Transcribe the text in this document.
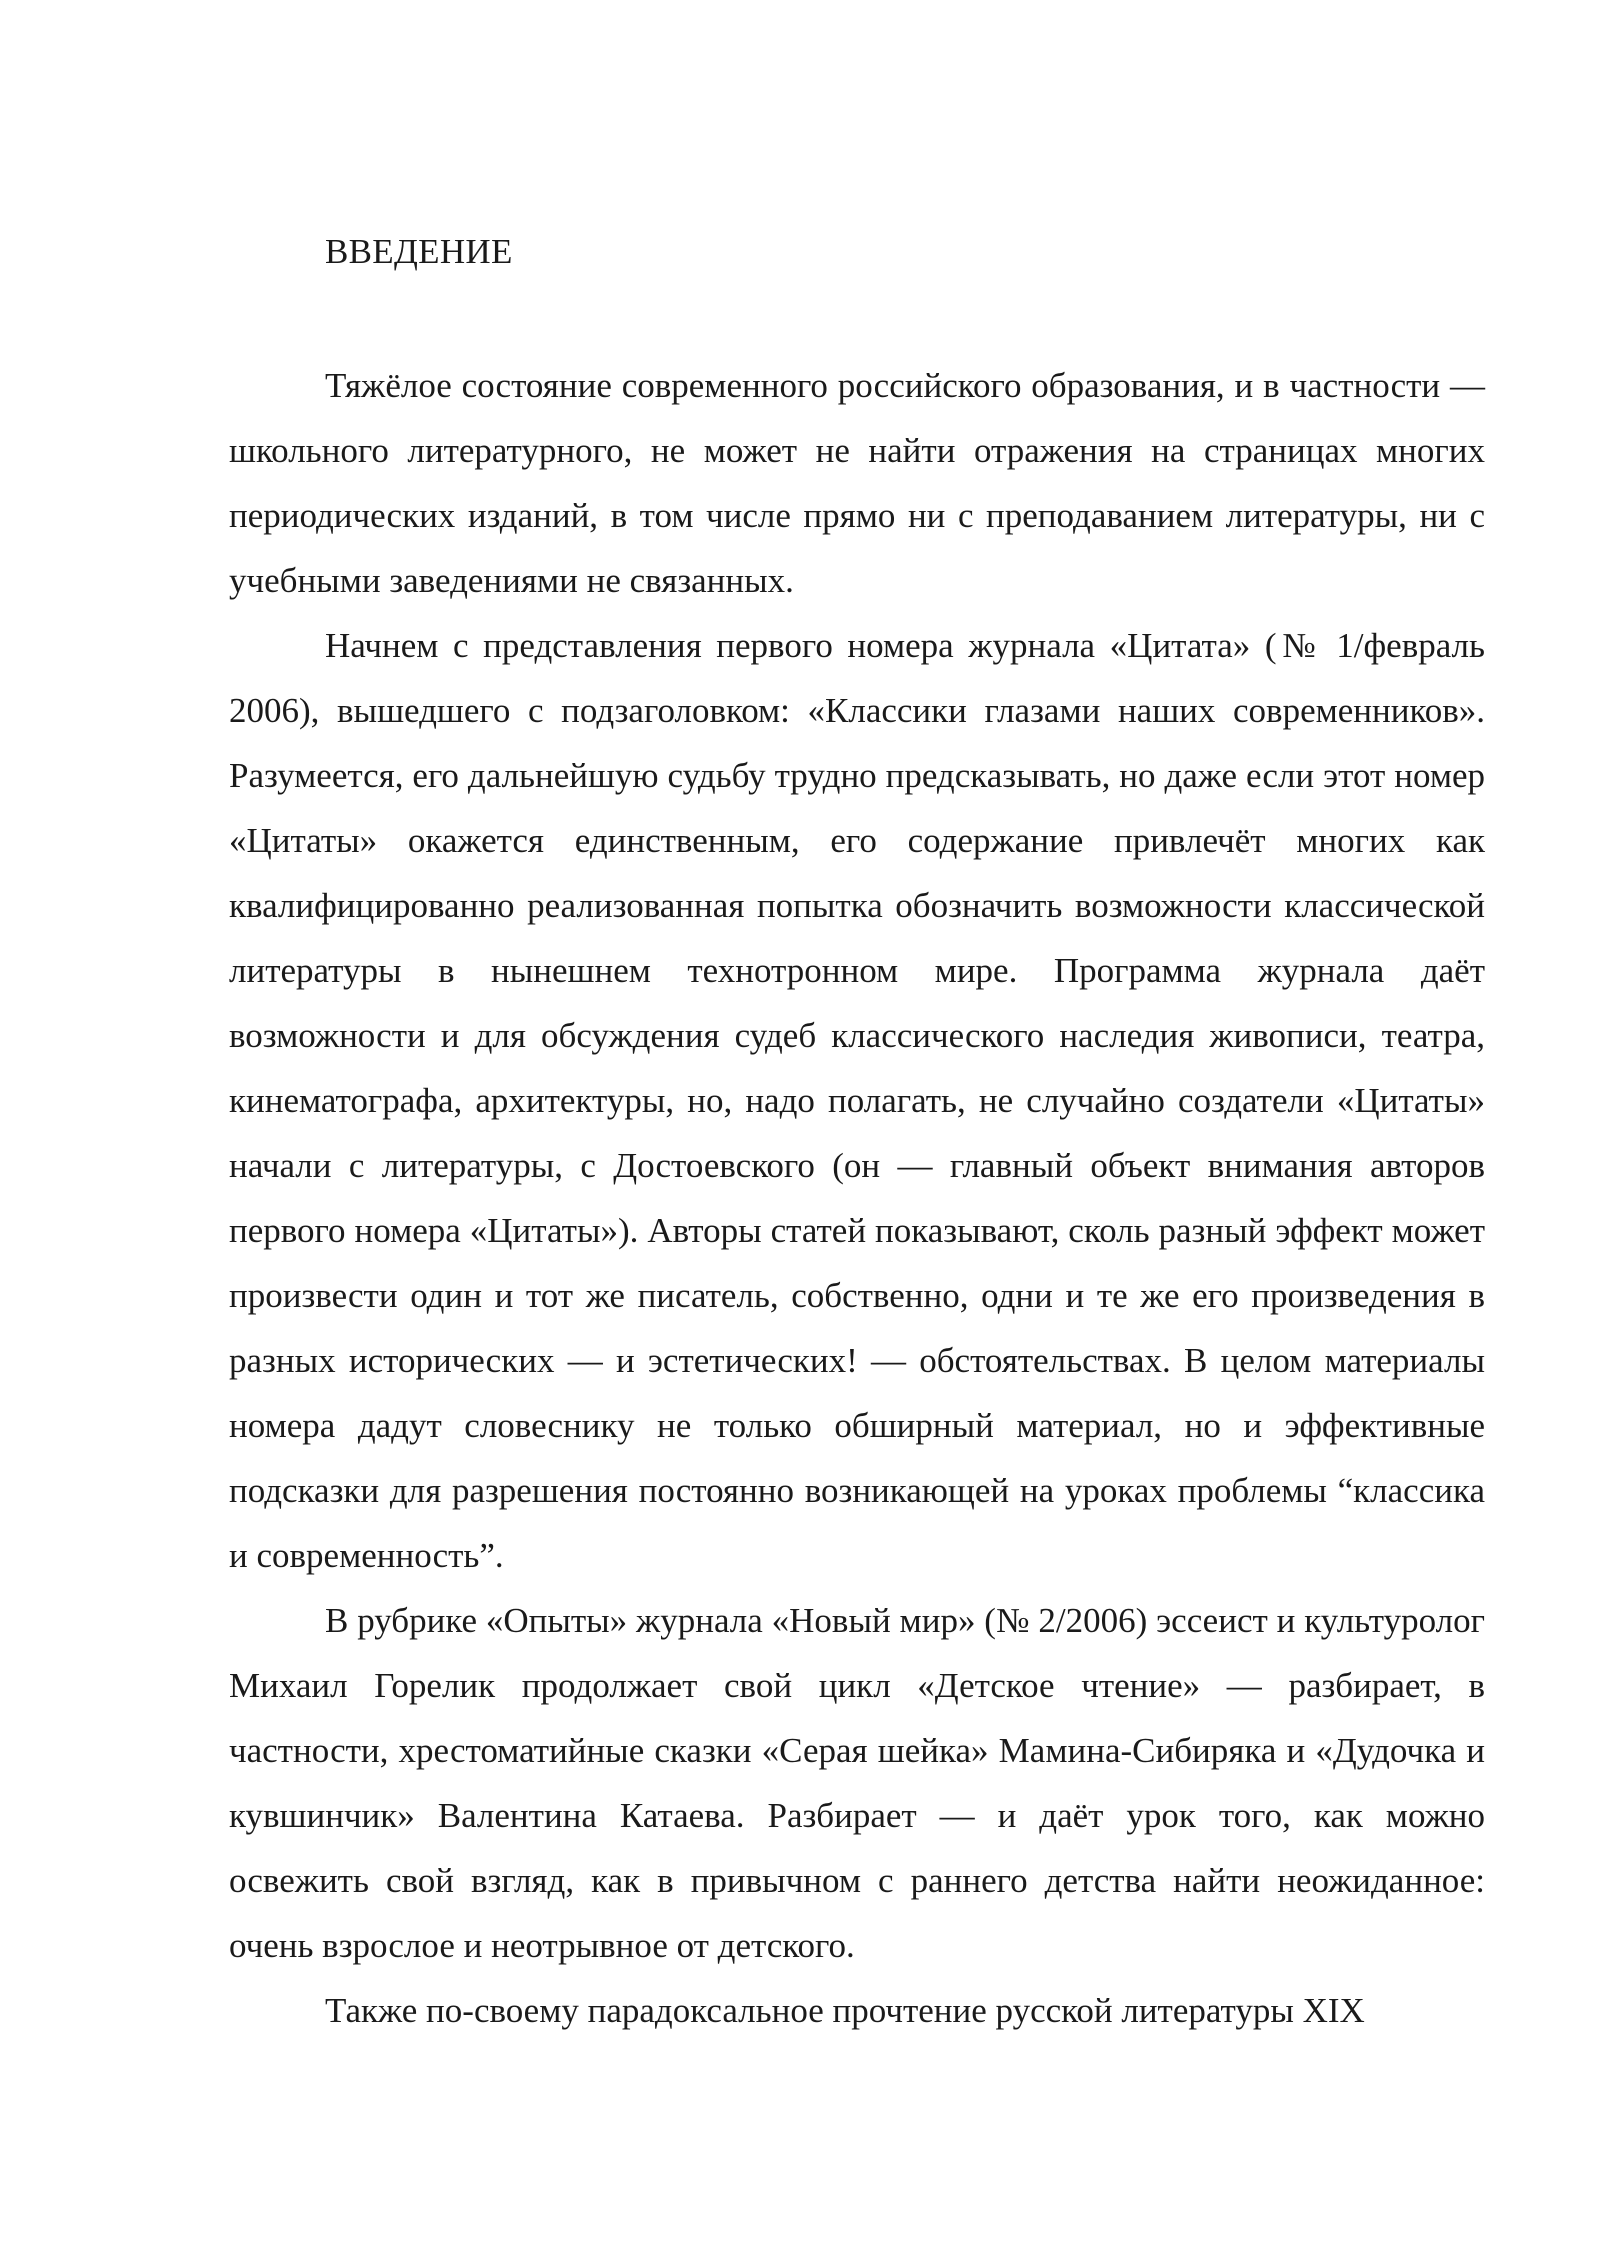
ВВЕДЕНИЕ

Тяжёлое состояние современного российского образования, и в частности — школьного литературного, не может не найти отражения на страницах многих периодических изданий, в том числе прямо ни с преподаванием литературы, ни с учебными заведениями не связанных.

Начнем с представления первого номера журнала «Цитата» (№ 1/февраль 2006), вышедшего с подзаголовком: «Классики глазами наших современников». Разумеется, его дальнейшую судьбу трудно предсказывать, но даже если этот номер «Цитаты» окажется единственным, его содержание привлечёт многих как квалифицированно реализованная попытка обозначить возможности классической литературы в нынешнем технотронном мире. Программа журнала даёт возможности и для обсуждения судеб классического наследия живописи, театра, кинематографа, архитектуры, но, надо полагать, не случайно создатели «Цитаты» начали с литературы, с Достоевского (он — главный объект внимания авторов первого номера «Цитаты»). Авторы статей показывают, сколь разный эффект может произвести один и тот же писатель, собственно, одни и те же его произведения в разных исторических — и эстетических! — обстоятельствах. В целом материалы номера дадут словеснику не только обширный материал, но и эффективные подсказки для разрешения постоянно возникающей на уроках проблемы “классика и современность”.

В рубрике «Опыты» журнала «Новый мир» (№ 2/2006) эссеист и культуролог Михаил Горелик продолжает свой цикл «Детское чтение» — разбирает, в частности, хрестоматийные сказки «Серая шейка» Мамина-Сибиряка и «Дудочка и кувшинчик» Валентина Катаева. Разбирает — и даёт урок того, как можно освежить свой взгляд, как в привычном с раннего детства найти неожиданное: очень взрослое и неотрывное от детского.

Также по-своему парадоксальное прочтение русской литературы XIX
